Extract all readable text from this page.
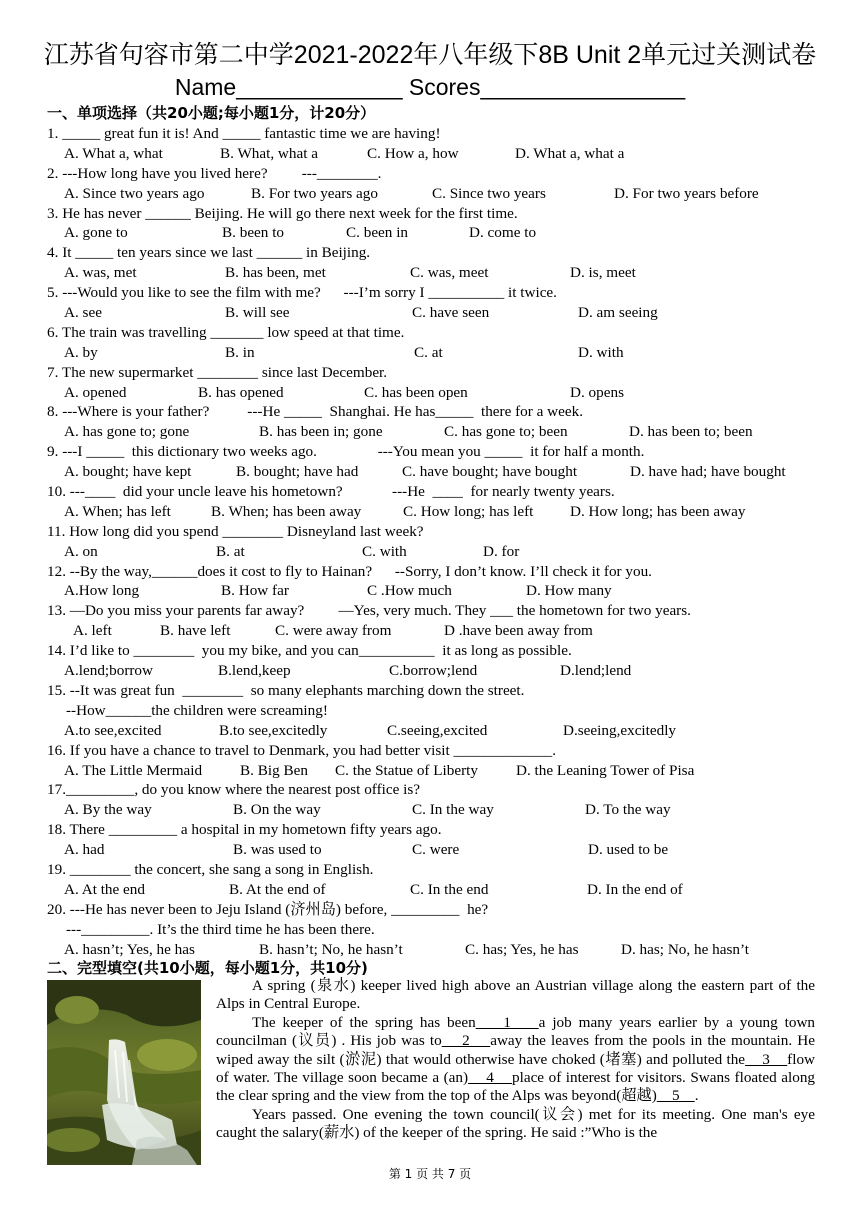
江苏省句容市第二中学2021-2022年八年级下8B Unit 2单元过关测试卷
Name_____________ Scores________________
一、单项选择（共20小题;每小题1分，计20分）
1. _____ great fun it is! And _____ fantastic time we are having!
A. What a, what	B. What, what a	C. How a, how	D. What a, what a
2. ---How long have you lived here?         ---________.
A. Since two years ago	B. For two years ago	C. Since two years	D. For two years before
3. He has never ______ Beijing. He will go there next week for the first time.
A. gone to	B. been to	C. been in	D. come to
4. It _____ ten years since we last ______ in Beijing.
A. was, met	B. has been, met	C. was, meet	D. is, meet
5. ---Would you like to see the film with me?      ---I’m sorry I __________ it twice.
A. see	B. will see	C. have seen	D. am seeing
6. The train was travelling _______ low speed at that time.
A. by	B. in	C. at	D. with
7. The new supermarket ________ since last December.
A. opened	B. has opened	C. has been open	D. opens
8. ---Where is your father?          ---He _____  Shanghai. He has_____  there for a week.
A. has gone to; gone	B. has been in; gone	C. has gone to; been	D. has been to; been
9. ---I _____  this dictionary two weeks ago.                ---You mean you _____  it for half a month.
A. bought; have kept	B. bought; have had	C. have bought; have bought	D. have had; have bought
10. ---____  did your uncle leave his hometown?             ---He  ____  for nearly twenty years.
A. When; has left	B. When; has been away	C. How long; has left D. How long; has been away
11. How long did you spend ________ Disneyland last week?
A. on	B. at	C. with	D. for
12. --By the way,______does it cost to fly to Hainan?      --Sorry, I don’t know. I’ll check it for you.
A.How long	B. How far	C .How much	D. How many
13. —Do you miss your parents far away?         —Yes, very much. They ___ the hometown for two years.
A. left	B. have left	C. were away from	D .have been away from
14. I’d like to ________  you my bike, and you can__________  it as long as possible.
A.lend;borrow	B.lend,keep	C.borrow;lend	D.lend;lend
15. --It was great fun  ________  so many elephants marching down the street.
--How______the children were screaming!
A.to see,excited	B.to see,excitedly	C.seeing,excited	D.seeing,excitedly
16. If you have a chance to travel to Denmark, you had better visit _____________.
A. The Little Mermaid B. Big Ben C. the Statue of Liberty	D. the Leaning Tower of Pisa
17._________, do you know where the nearest post office is?
A. By the way	B. On the way	C. In the way	D. To the way
18. There _________ a hospital in my hometown fifty years ago.
A. had	B. was used to	C. were	D. used to be
19. ________ the concert, she sang a song in English.
A. At the end	B. At the end of	C. In the end	D. In the end of
20. ---He has never been to Jeju Island (济州岛) before, _________  he?
---_________. It’s the third time he has been there.
A. hasn’t; Yes, he has	B. hasn’t; No, he hasn’t	C. has; Yes, he has	D. has; No, he hasn’t
二、完型填空(共10小题，每小题1分，共10分)

A spring (泉水) keeper lived high above an Austrian village along the eastern part of the Alps in Central Europe.

The keeper of the spring has been    1    a job many years earlier by a young town councilman (议员) . His job was to    2    away the leaves from the pools in the mountain. He wiped away the silt (淤泥) that would otherwise have choked (堵塞) and polluted the    3    flow of water. The village soon became a (an)    4    place of interest for visitors. Swans floated along the clear spring and the view from the top of the Alps was beyond(超越)    5    .

Years passed. One evening the town council(议会) met for its meeting. One man's eye caught the salary(薪水) of the keeper of the spring. He said :”Who is the

第 1 页 共 7 页
